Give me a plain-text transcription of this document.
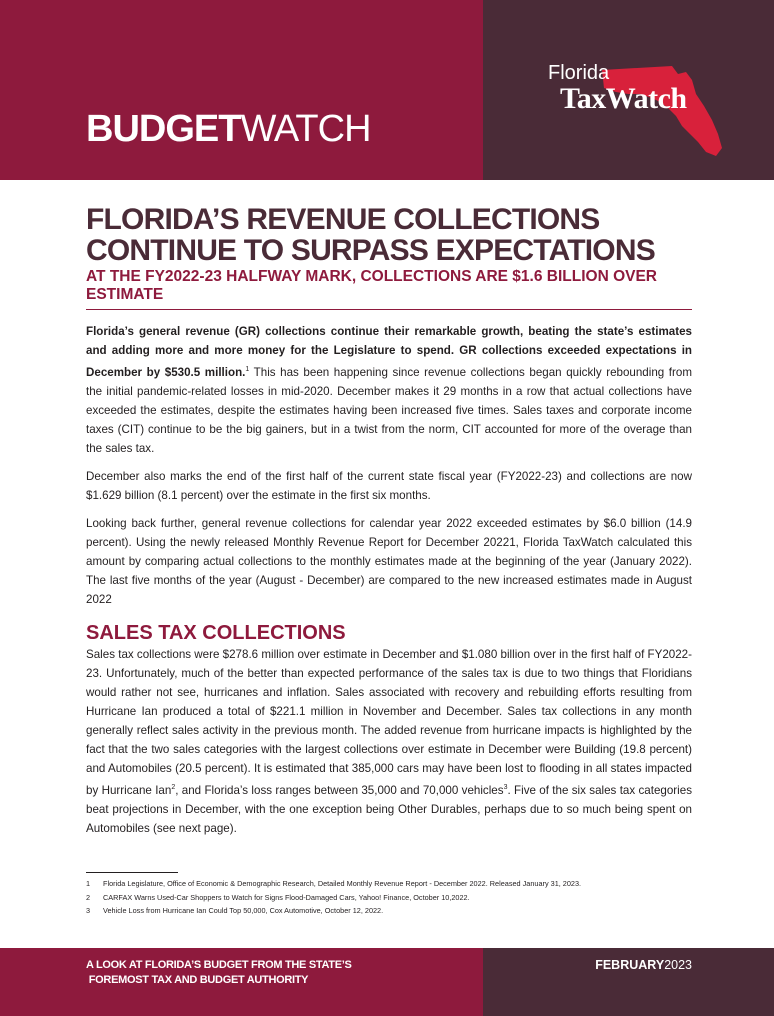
BUDGETWATCH
Florida
TaxWatch
FLORIDA’S REVENUE COLLECTIONS CONTINUE TO SURPASS EXPECTATIONS
AT THE FY2022-23 HALFWAY MARK, COLLECTIONS ARE $1.6 BILLION OVER ESTIMATE

Florida’s general revenue (GR) collections continue their remarkable growth, beating the state’s estimates and adding more and more money for the Legislature to spend. GR collections exceeded expectations in December by $530.5 million.$^1$ This has been happening since revenue collections began quickly rebounding from the initial pandemic-related losses in mid-2020. December makes it 29 months in a row that actual collections have exceeded the estimates, despite the estimates having been increased five times. Sales taxes and corporate income taxes (CIT) continue to be the big gainers, but in a twist from the norm, CIT accounted for more of the overage than the sales tax.

December also marks the end of the first half of the current state fiscal year (FY2022-23) and collections are now $1.629 billion (8.1 percent) over the estimate in the first six months.

Looking back further, general revenue collections for calendar year 2022 exceeded estimates by $6.0 billion (14.9 percent). Using the newly released Monthly Revenue Report for December 20221, Florida TaxWatch calculated this amount by comparing actual collections to the monthly estimates made at the beginning of the year (January 2022). The last five months of the year (August - December) are compared to the new increased estimates made in August 2022

SALES TAX COLLECTIONS

Sales tax collections were $278.6 million over estimate in December and $1.080 billion over in the first half of FY2022-23. Unfortunately, much of the better than expected performance of the sales tax is due to two things that Floridians would rather not see, hurricanes and inflation. Sales associated with recovery and rebuilding efforts resulting from Hurricane Ian produced a total of $221.1 million in November and December. Sales tax collections in any month generally reflect sales activity in the previous month. The added revenue from hurricane impacts is highlighted by the fact that the two sales categories with the largest collections over estimate in December were Building (19.8 percent) and Automobiles (20.5 percent). It is estimated that 385,000 cars may have been lost to flooding in all states impacted by Hurricane Ian$^2$, and Florida’s loss ranges between 35,000 and 70,000 vehicles$^3$. Five of the six sales tax categories beat projections in December, with the one exception being Other Durables, perhaps due to so much being spent on Automobiles (see next page).

1	Florida Legislature, Office of Economic & Demographic Research, Detailed Monthly Revenue Report - December 2022. Released January 31, 2023.
2	CARFAX Warns Used-Car Shoppers to Watch for Signs Flood-Damaged Cars, Yahoo! Finance, October 10,2022.
3	Vehicle Loss from Hurricane Ian Could Top 50,000, Cox Automotive, October 12, 2022.
A LOOK AT FLORIDA’S BUDGET FROM THE STATE’S
FOREMOST TAX AND BUDGET AUTHORITY
FEBRUARY2023
